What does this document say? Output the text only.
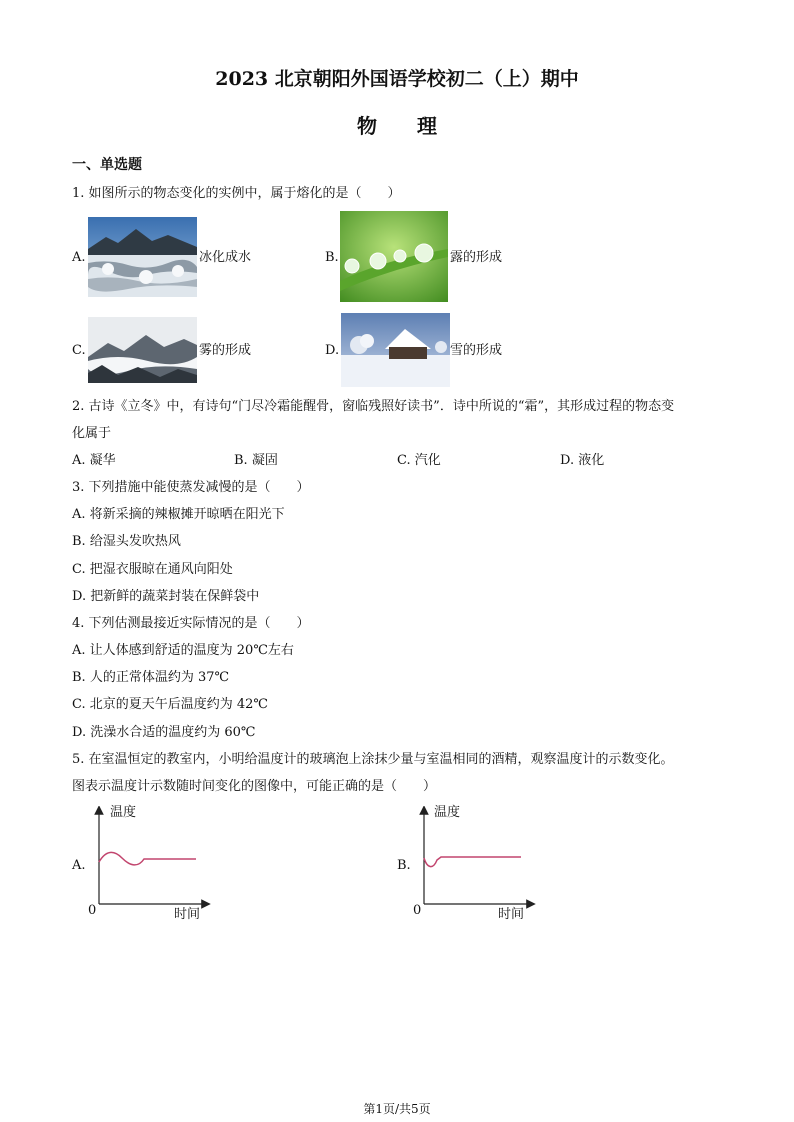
2023 北京朝阳外国语学校初二（上）期中
物　　理
一、单选题
1. 如图所示的物态变化的实例中，属于熔化的是（　　）
A.	冰化成水	B.	露的形成
C.	雾的形成	D.	雪的形成
2. 古诗《立冬》中，有诗句“门尽冷霜能醒骨，窗临残照好读书”．诗中所说的“霜”，其形成过程的物态变
化属于
A. 凝华	B. 凝固	C. 汽化	D. 液化
3. 下列措施中能使蒸发减慢的是（　　）
A. 将新采摘的辣椒摊开晾晒在阳光下
B. 给湿头发吹热风
C. 把湿衣服晾在通风向阳处
D. 把新鲜的蔬菜封装在保鲜袋中
4. 下列估测最接近实际情况的是（　　）
A. 让人体感到舒适的温度为 20℃左右
B. 人的正常体温约为 37℃
C. 北京的夏天午后温度约为 42℃
D. 洗澡水合适的温度约为 60℃
5. 在室温恒定的教室内，小明给温度计的玻璃泡上涂抹少量与室温相同的酒精，观察温度计的示数变化。
图表示温度计示数随时间变化的图像中，可能正确的是（　　）
A.
温度
0	时间
B.
温度
0	时间
第1页/共5页
